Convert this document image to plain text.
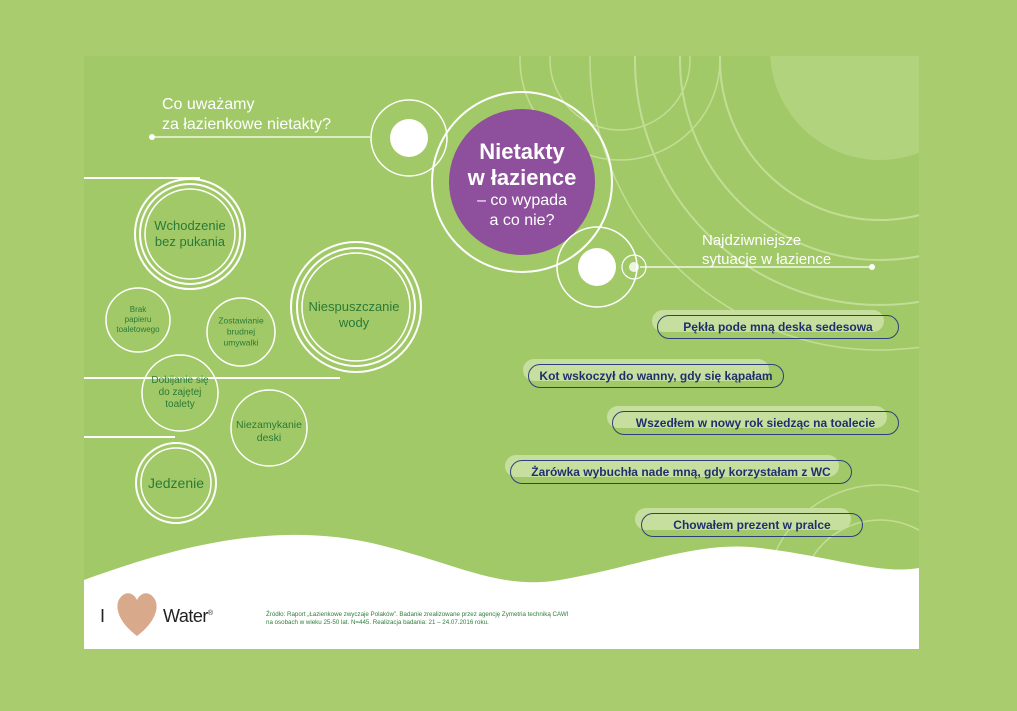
Co uważamy
za łazienkowe nietakty?
Najdziwniejsze
sytuacje w łazience
Nietakty
w łazience
– co wypada
a co nie?
Wchodzenie
bez pukania
Brak
papieru
toaletowego
Zostawianie
brudnej
umywalki
Niespuszczanie
wody
Dobijanie się
do zajętej
toalety
Niezamykanie
deski
Jedzenie
Pękła pode mną deska sedesowa
Kot wskoczył do wanny, gdy się kąpałam
Wszedłem w nowy rok siedząc na toalecie
Żarówka wybuchła nade mną, gdy korzystałam z WC
Chowałem prezent w pralce
I	Water®	Źródło: Raport „Łazienkowe zwyczaje Polaków”. Badanie zrealizowane przez agencję Zymetria techniką CAWI
na osobach w wieku 25-50 lat. N=445. Realizacja badania: 21 – 24.07.2016 roku.
